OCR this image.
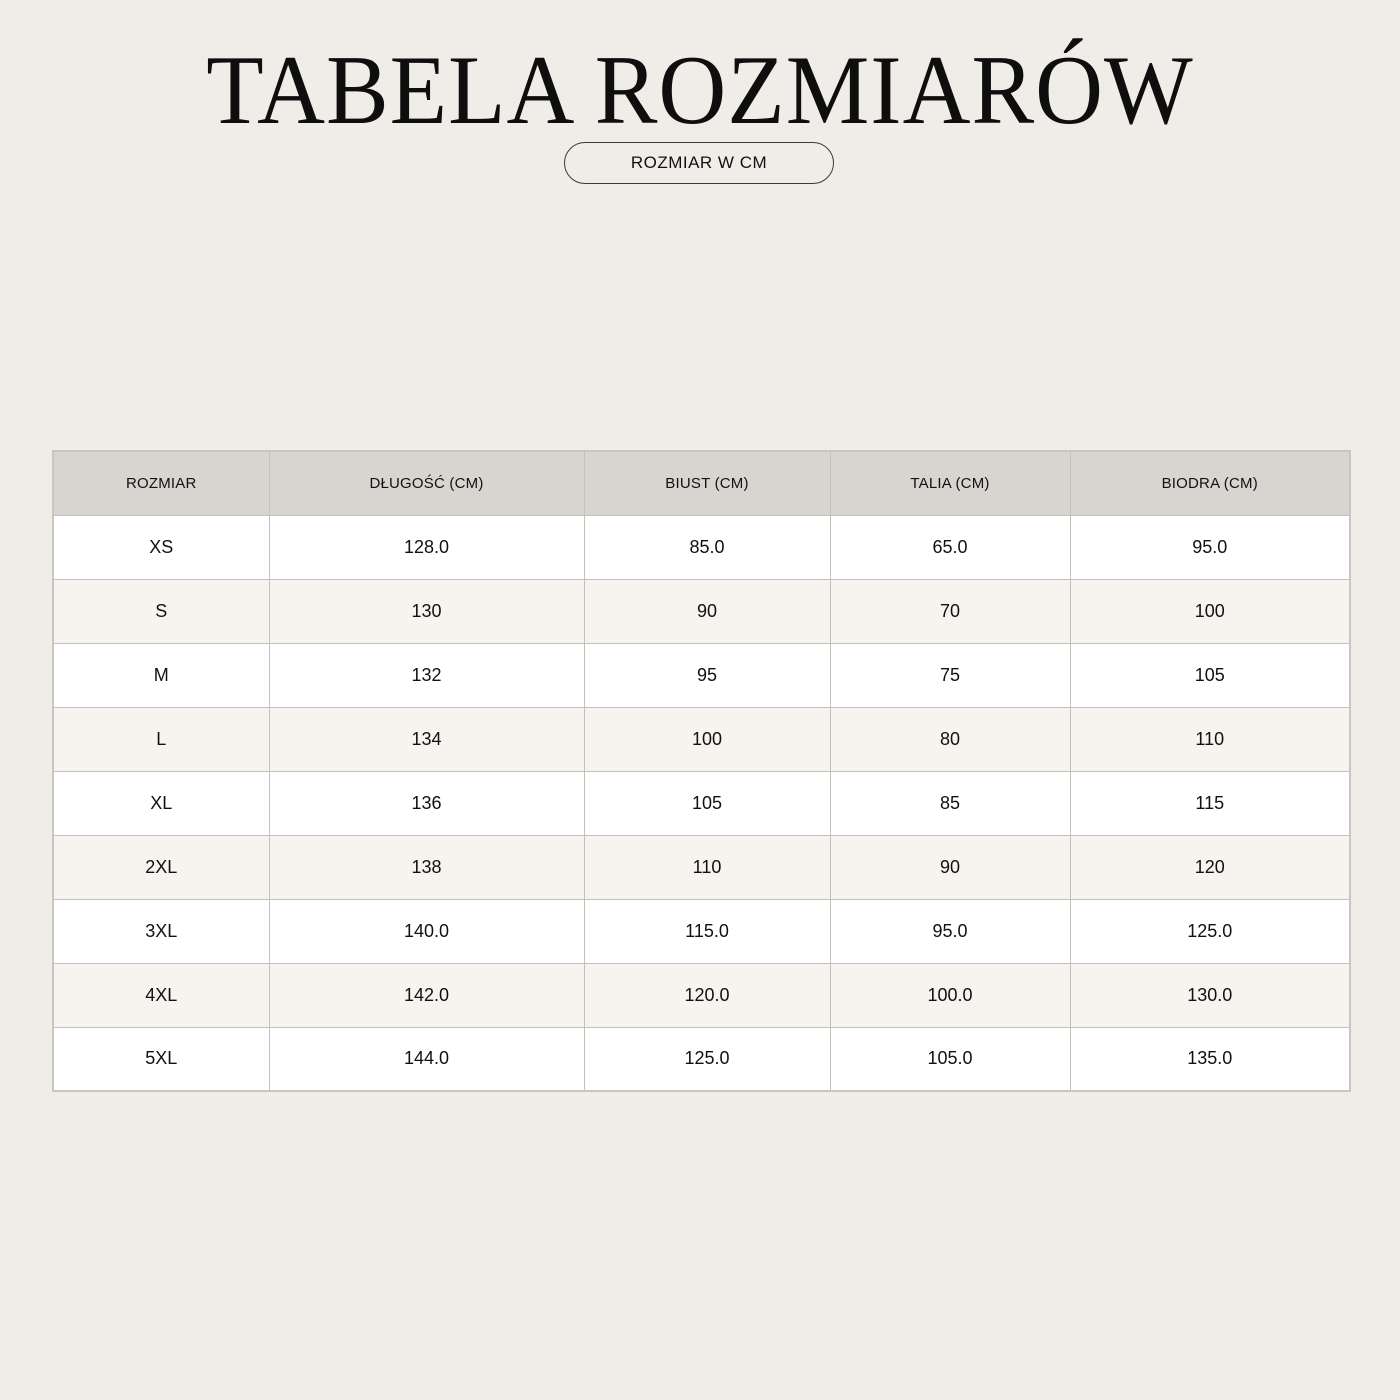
TABELA ROZMIARÓW
ROZMIAR W CM
ROZMIAR	DŁUGOŚĆ (CM)	BIUST (CM)	TALIA (CM)	BIODRA (CM)
XS	128.0	85.0	65.0	95.0
S	130	90	70	100
M	132	95	75	105
L	134	100	80	110
XL	136	105	85	115
2XL	138	110	90	120
3XL	140.0	115.0	95.0	125.0
4XL	142.0	120.0	100.0	130.0
5XL	144.0	125.0	105.0	135.0
